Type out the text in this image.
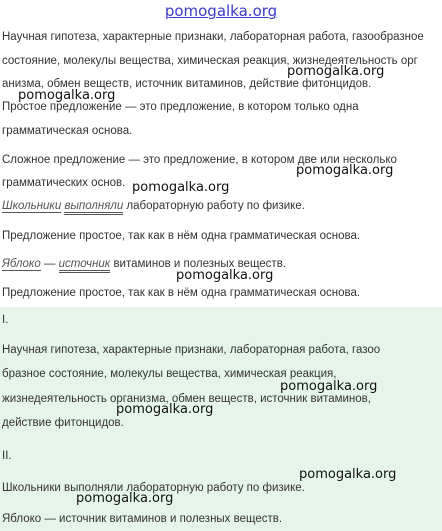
pomogalka.org
Научная гипотеза, характерные признаки, лабораторная работа, газообразное
состояние, молекулы вещества, химическая реакция, жизнедеятельность орг
анизма, обмен веществ, источник витаминов, действие фитонцидов.
Простое предложение — это предложение, в котором только одна
грамматическая основа.
Сложное предложение — это предложение, в котором две или несколько
грамматических основ.
Школьники выполняли лабораторную работу по физике.
Предложение простое, так как в нём одна грамматическая основа.
Яблоко — источник витаминов и полезных веществ.
Предложение простое, так как в нём одна грамматическая основа.
I.
Научная гипотеза, характерные признаки, лабораторная работа, газоо
бразное состояние, молекулы вещества, химическая реакция,
жизнедеятельность организма, обмен веществ, источник витаминов,
действие фитонцидов.
II.
Школьники выполняли лабораторную работу по физике.
Яблоко — источник витаминов и полезных веществ.
pomogalka.org
pomogalka.org
pomogalka.org
pomogalka.org
pomogalka.org
pomogalka.org
pomogalka.org
pomogalka.org
pomogalka.org
